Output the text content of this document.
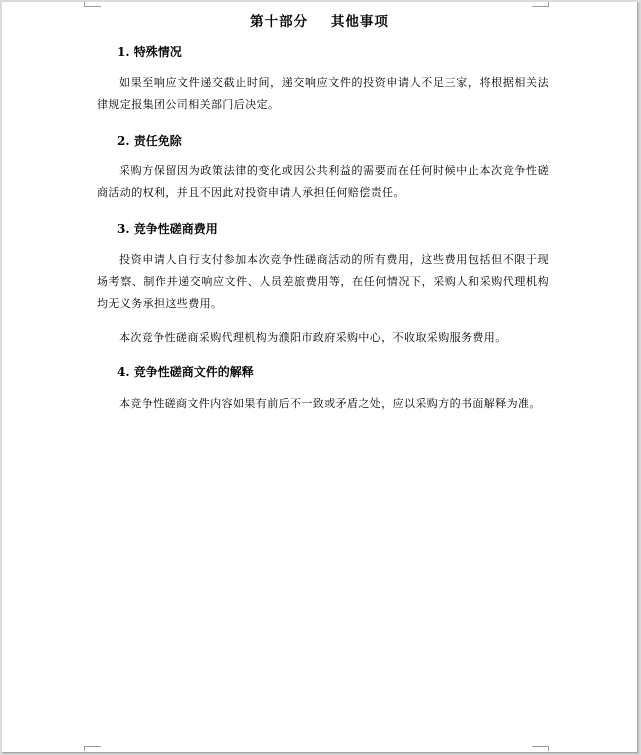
第十部分    其他事项
1. 特殊情况
如果至响应文件递交截止时间，递交响应文件的投资申请人不足三家，将根据相关法律规定报集团公司相关部门后决定。
2. 责任免除
采购方保留因为政策法律的变化或因公共利益的需要而在任何时候中止本次竞争性磋商活动的权利，并且不因此对投资申请人承担任何赔偿责任。
3. 竞争性磋商费用
投资申请人自行支付参加本次竞争性磋商活动的所有费用，这些费用包括但不限于现场考察、制作并递交响应文件、人员差旅费用等，在任何情况下，采购人和采购代理机构均无义务承担这些费用。
本次竞争性磋商采购代理机构为濮阳市政府采购中心，不收取采购服务费用。
4. 竞争性磋商文件的解释
本竞争性磋商文件内容如果有前后不一致或矛盾之处，应以采购方的书面解释为准。
